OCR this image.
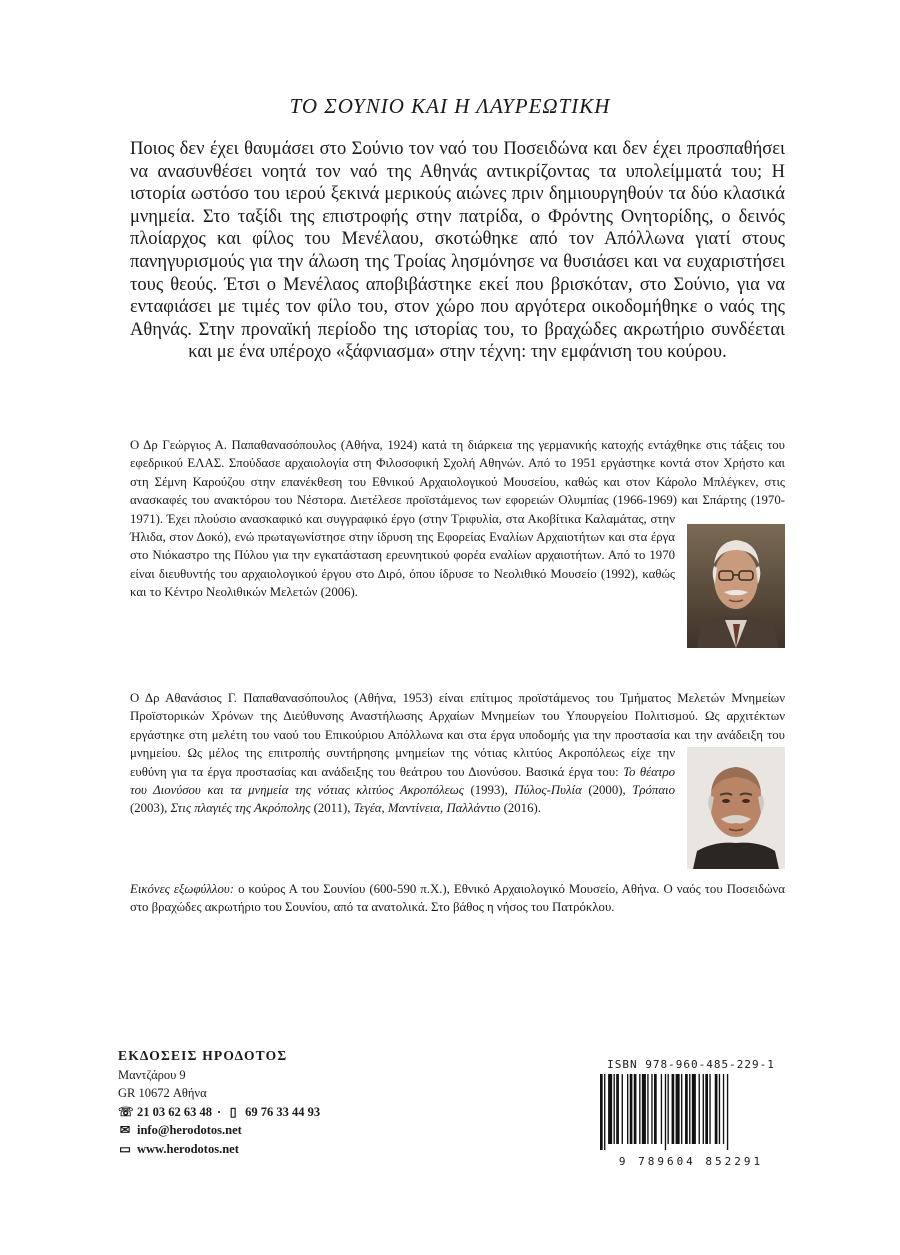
ΤΟ ΣΟΥΝΙΟ ΚΑΙ Η ΛΑΥΡΕΩΤΙΚΗ

Ποιος δεν έχει θαυμάσει στο Σούνιο τον ναό του Ποσειδώνα και δεν έχει προσπαθήσει να ανασυνθέσει νοητά τον ναό της Αθηνάς αντικρίζοντας τα υπολείμματά του; Η ιστορία ωστόσο του ιερού ξεκινά μερικούς αιώνες πριν δημιουργηθούν τα δύο κλασικά μνημεία. Στο ταξίδι της επιστροφής στην πατρίδα, ο Φρόντης Ονητορίδης, ο δεινός πλοίαρχος και φίλος του Μενέλαου, σκοτώθηκε από τον Απόλλωνα γιατί στους πανηγυρισμούς για την άλωση της Τροίας λησμόνησε να θυσιάσει και να ευχαριστήσει τους θεούς. Έτσι ο Μενέλαος αποβιβάστηκε εκεί που βρισκόταν, στο Σούνιο, για να ενταφιάσει με τιμές τον φίλο του, στον χώρο που αργότερα οικοδομήθηκε ο ναός της Αθηνάς. Στην προναϊκή περίοδο της ιστορίας του, το βραχώδες ακρωτήριο συνδέεται και με ένα υπέροχο «ξάφνιασμα» στην τέχνη: την εμφάνιση του κούρου.

Ο Δρ Γεώργιος Α. Παπαθανασόπουλος (Αθήνα, 1924) κατά τη διάρκεια της γερμανικής κατοχής εντάχθηκε στις τάξεις του εφεδρικού ΕΛΑΣ. Σπούδασε αρχαιολογία στη Φιλοσοφική Σχολή Αθηνών. Από το 1951 εργάστηκε κοντά στον Χρήστο και στη Σέμνη Καρούζου στην επανέκθεση του Εθνικού Αρχαιολογικού Μουσείου, καθώς και στον Κάρολο Μπλέγκεν, στις ανασκαφές του ανακτόρου του Νέστορα. Διετέλεσε προϊστάμενος των εφορειών Ολυμπίας (1966-1969) και Σπάρτης (1970-1971). Έχει πλούσιο ανασκαφικό και συγγραφικό έργο (στην Τριφυλία, στα Ακοβίτικα Καλαμάτας, στην Ήλιδα, στον Δοκό), ενώ πρωταγωνίστησε στην ίδρυση της Εφορείας Εναλίων Αρχαιοτήτων και στα έργα στο Νιόκαστρο της Πύλου για την εγκατάσταση ερευνητικού φορέα εναλίων αρχαιοτήτων. Από το 1970 είναι διευθυντής του αρχαιολογικού έργου στο Διρό, όπου ίδρυσε το Νεολιθικό Μουσείο (1992), καθώς και το Κέντρο Νεολιθικών Μελετών (2006).
Ο Δρ Αθανάσιος Γ. Παπαθανασόπουλος (Αθήνα, 1953) είναι επίτιμος προϊστάμενος του Τμήματος Μελετών Μνημείων Προϊστορικών Χρόνων της Διεύθυνσης Αναστήλωσης Αρχαίων Μνημείων του Υπουργείου Πολιτισμού. Ως αρχιτέκτων εργάστηκε στη μελέτη του ναού του Επικούριου Απόλλωνα και στα έργα υποδομής για την προστασία και την ανάδειξη του μνημείου. Ως μέλος της επιτροπής συντήρησης μνημείων της νότιας κλιτύος Ακροπόλεως είχε την ευθύνη για τα έργα προστασίας και ανάδειξης του θεάτρου του Διονύσου. Βασικά έργα του: Το θέατρο του Διονύσου και τα μνημεία της νότιας κλιτύος Ακροπόλεως (1993), Πύλος-Πυλία (2000), Τρόπαιο (2003), Στις πλαγιές της Ακρόπολης (2011), Τεγέα, Μαντίνεια, Παλλάντιο (2016).

Εικόνες εξωφύλλου: ο κούρος Α του Σουνίου (600-590 π.Χ.), Εθνικό Αρχαιολογικό Μουσείο, Αθήνα. Ο ναός του Ποσειδώνα στο βραχώδες ακρωτήριο του Σουνίου, από τα ανατολικά. Στο βάθος η νήσος του Πατρόκλου.

ΕΚΔΟΣΕΙΣ ΗΡΟΔΟΤΟΣ
Μαντζάρου 9
GR 10672 Αθήνα
☏ 21 03 62 63 48 · ▯ 69 76 33 44 93
✉ info@herodotos.net
▭ www.herodotos.net
ISBN 978-960-485-229-1
9 789604 852291
